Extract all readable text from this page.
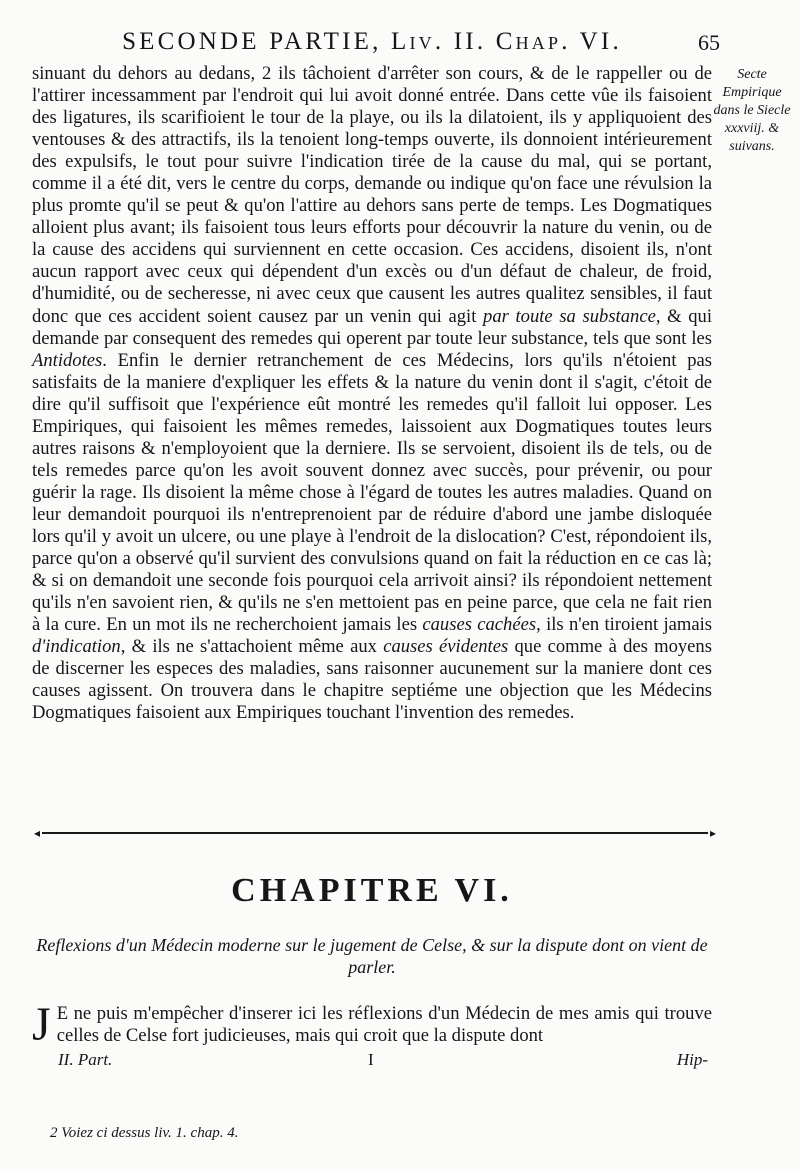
SECONDE PARTIE, Liv. II. Chap. VI.	65
Secte Empirique dans le Siecle xxxviij. & suivans.

sinuant du dehors au dedans, 2 ils tâchoient d'arrêter son cours, & de le rappeller ou de l'attirer incessamment par l'endroit qui lui avoit donné entrée. Dans cette vûe ils faisoient des ligatures, ils scarifioient le tour de la playe, ou ils la dilatoient, ils y appliquoient des ventouses & des attractifs, ils la tenoient long-temps ouverte, ils donnoient intérieurement des expulsifs, le tout pour suivre l'indication tirée de la cause du mal, qui se portant, comme il a été dit, vers le centre du corps, demande ou indique qu'on face une révulsion la plus promte qu'il se peut & qu'on l'attire au dehors sans perte de temps. Les Dogmatiques alloient plus avant; ils faisoient tous leurs efforts pour découvrir la nature du venin, ou de la cause des accidens qui surviennent en cette occasion. Ces accidens, disoient ils, n'ont aucun rapport avec ceux qui dépendent d'un excès ou d'un défaut de chaleur, de froid, d'humidité, ou de secheresse, ni avec ceux que causent les autres qualitez sensibles, il faut donc que ces accident soient causez par un venin qui agit par toute sa substance, & qui demande par consequent des remedes qui operent par toute leur substance, tels que sont les Antidotes. Enfin le dernier retranchement de ces Médecins, lors qu'ils n'étoient pas satisfaits de la maniere d'expliquer les effets & la nature du venin dont il s'agit, c'étoit de dire qu'il suffisoit que l'expérience eût montré les remedes qu'il falloit lui opposer. Les Empiriques, qui faisoient les mêmes remedes, laissoient aux Dogmatiques toutes leurs autres raisons & n'employoient que la derniere. Ils se servoient, disoient ils de tels, ou de tels remedes parce qu'on les avoit souvent donnez avec succès, pour prévenir, ou pour guérir la rage. Ils disoient la même chose à l'égard de toutes les autres maladies. Quand on leur demandoit pourquoi ils n'entreprenoient par de réduire d'abord une jambe disloquée lors qu'il y avoit un ulcere, ou une playe à l'endroit de la dislocation? C'est, répondoient ils, parce qu'on a observé qu'il survient des convulsions quand on fait la réduction en ce cas là; & si on demandoit une seconde fois pourquoi cela arrivoit ainsi? ils répondoient nettement qu'ils n'en savoient rien, & qu'ils ne s'en mettoient pas en peine parce, que cela ne fait rien à la cure. En un mot ils ne recherchoient jamais les causes cachées, ils n'en tiroient jamais d'indication, & ils ne s'attachoient même aux causes évidentes que comme à des moyens de discerner les especes des maladies, sans raisonner aucunement sur la maniere dont ces causes agissent. On trouvera dans le chapitre septiéme une objection que les Médecins Dogmatiques faisoient aux Empiriques touchant l'invention des remedes.

◂	▸
CHAPITRE VI.
Reflexions d'un Médecin moderne sur le jugement de Celse, & sur la dispute dont on vient de parler.
J E ne puis m'empêcher d'inserer ici les réflexions d'un Médecin de mes amis qui trouve celles de Celse fort judicieuses, mais qui croit que la dispute dont
II. Part.	I	Hip-
2 Voiez ci dessus liv. 1. chap. 4.
